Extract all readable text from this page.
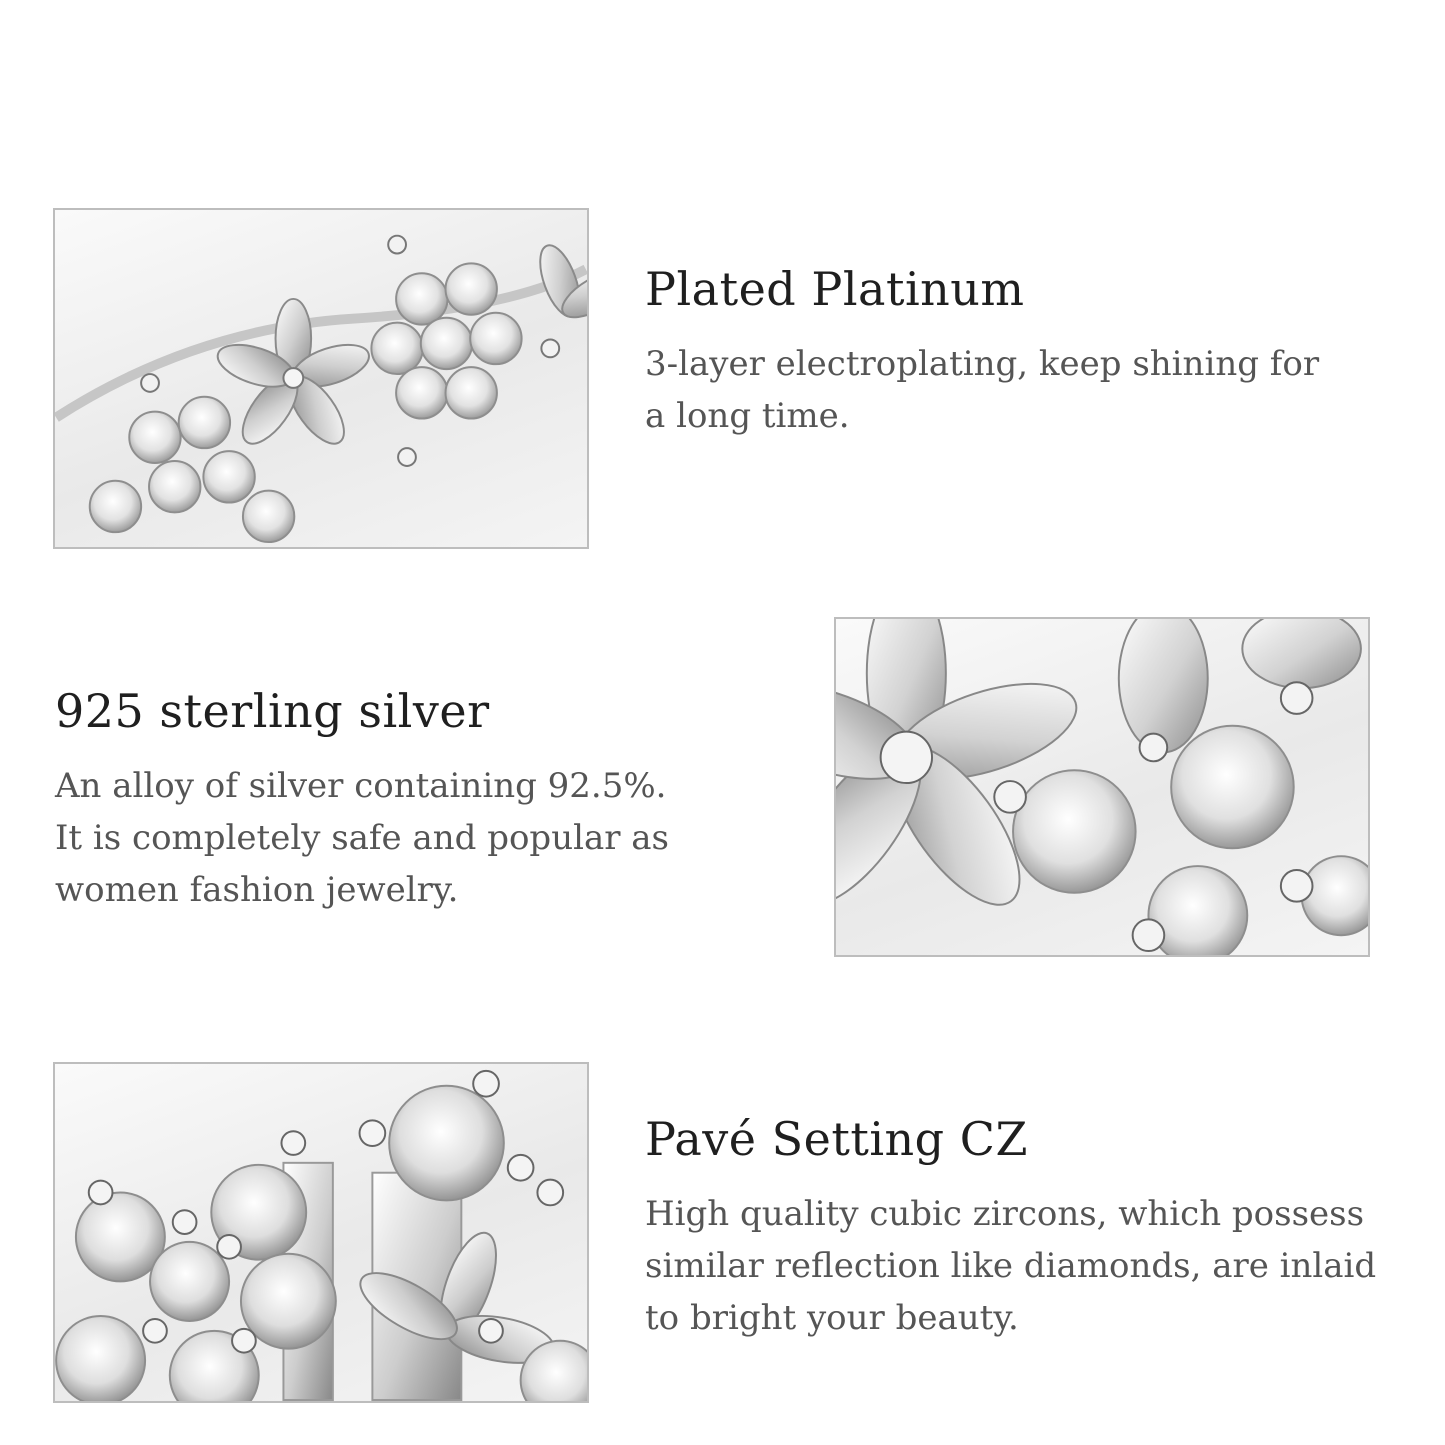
Plated Platinum

3-layer electroplating, keep shining for
a long time.

925 sterling silver

An alloy of silver containing 92.5%.
It is completely safe and popular as
women fashion jewelry.

Pavé Setting CZ

High quality cubic zircons, which possess
similar reflection like diamonds, are inlaid
to bright your beauty.
